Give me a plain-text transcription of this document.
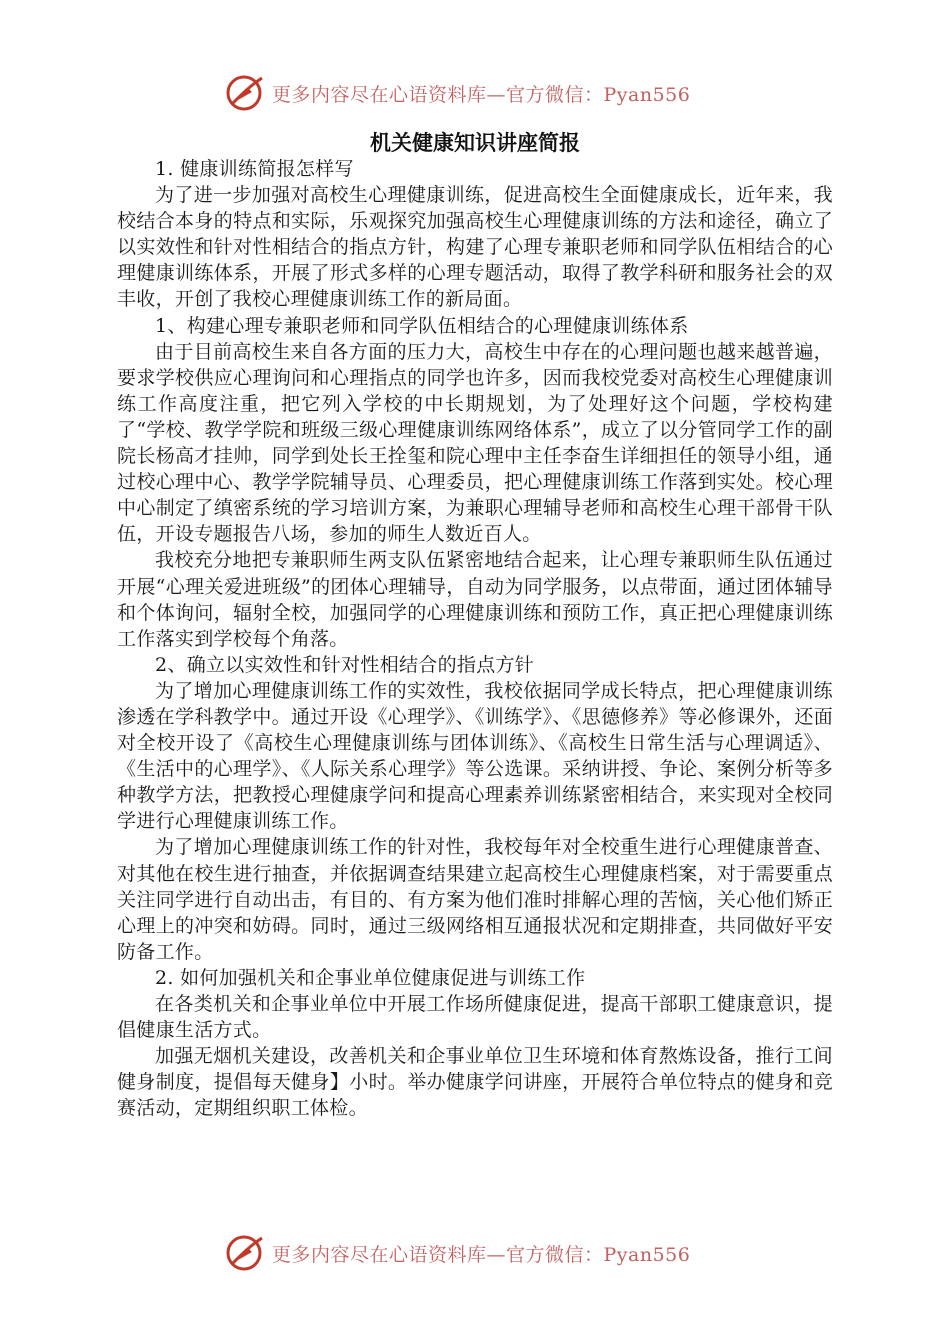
更多内容尽在心语资料库—官方微信：Pyan556
机关健康知识讲座简报

1. 健康训练简报怎样写

为了进一步加强对高校生心理健康训练，促进高校生全面健康成长，近年来，我校结合本身的特点和实际，乐观探究加强高校生心理健康训练的方法和途径，确立了以实效性和针对性相结合的指点方针，构建了心理专兼职老师和同学队伍相结合的心理健康训练体系，开展了形式多样的心理专题活动，取得了教学科研和服务社会的双丰收，开创了我校心理健康训练工作的新局面。

1、构建心理专兼职老师和同学队伍相结合的心理健康训练体系

由于目前高校生来自各方面的压力大，高校生中存在的心理问题也越来越普遍，要求学校供应心理询问和心理指点的同学也许多，因而我校党委对高校生心理健康训练工作高度注重，把它列入学校的中长期规划，为了处理好这个问题，学校构建了“学校、教学学院和班级三级心理健康训练网络体系”，成立了以分管同学工作的副院长杨高才挂帅，同学到处长王拴玺和院心理中主任李奋生详细担任的领导小组，通过校心理中心、教学学院辅导员、心理委员，把心理健康训练工作落到实处。校心理中心制定了缜密系统的学习培训方案，为兼职心理辅导老师和高校生心理干部骨干队伍，开设专题报告八场，参加的师生人数近百人。

我校充分地把专兼职师生两支队伍紧密地结合起来，让心理专兼职师生队伍通过开展“心理关爱进班级”的团体心理辅导，自动为同学服务，以点带面，通过团体辅导和个体询问，辐射全校，加强同学的心理健康训练和预防工作，真正把心理健康训练工作落实到学校每个角落。

2、确立以实效性和针对性相结合的指点方针

为了增加心理健康训练工作的实效性，我校依据同学成长特点，把心理健康训练渗透在学科教学中。通过开设《心理学》、《训练学》、《思德修养》等必修课外，还面对全校开设了《高校生心理健康训练与团体训练》、《高校生日常生活与心理调适》、《生活中的心理学》、《人际关系心理学》等公选课。采纳讲授、争论、案例分析等多种教学方法，把教授心理健康学问和提高心理素养训练紧密相结合，来实现对全校同学进行心理健康训练工作。

为了增加心理健康训练工作的针对性，我校每年对全校重生进行心理健康普查、对其他在校生进行抽查，并依据调查结果建立起高校生心理健康档案，对于需要重点关注同学进行自动出击，有目的、有方案为他们准时排解心理的苦恼，关心他们矫正心理上的冲突和妨碍。同时，通过三级网络相互通报状况和定期排查，共同做好平安防备工作。

2. 如何加强机关和企事业单位健康促进与训练工作

在各类机关和企事业单位中开展工作场所健康促进，提高干部职工健康意识，提倡健康生活方式。

加强无烟机关建设，改善机关和企事业单位卫生环境和体育熬炼设备，推行工间健身制度，提倡每天健身】小时。举办健康学问讲座，开展符合单位特点的健身和竞赛活动，定期组织职工体检。

更多内容尽在心语资料库—官方微信：Pyan556
